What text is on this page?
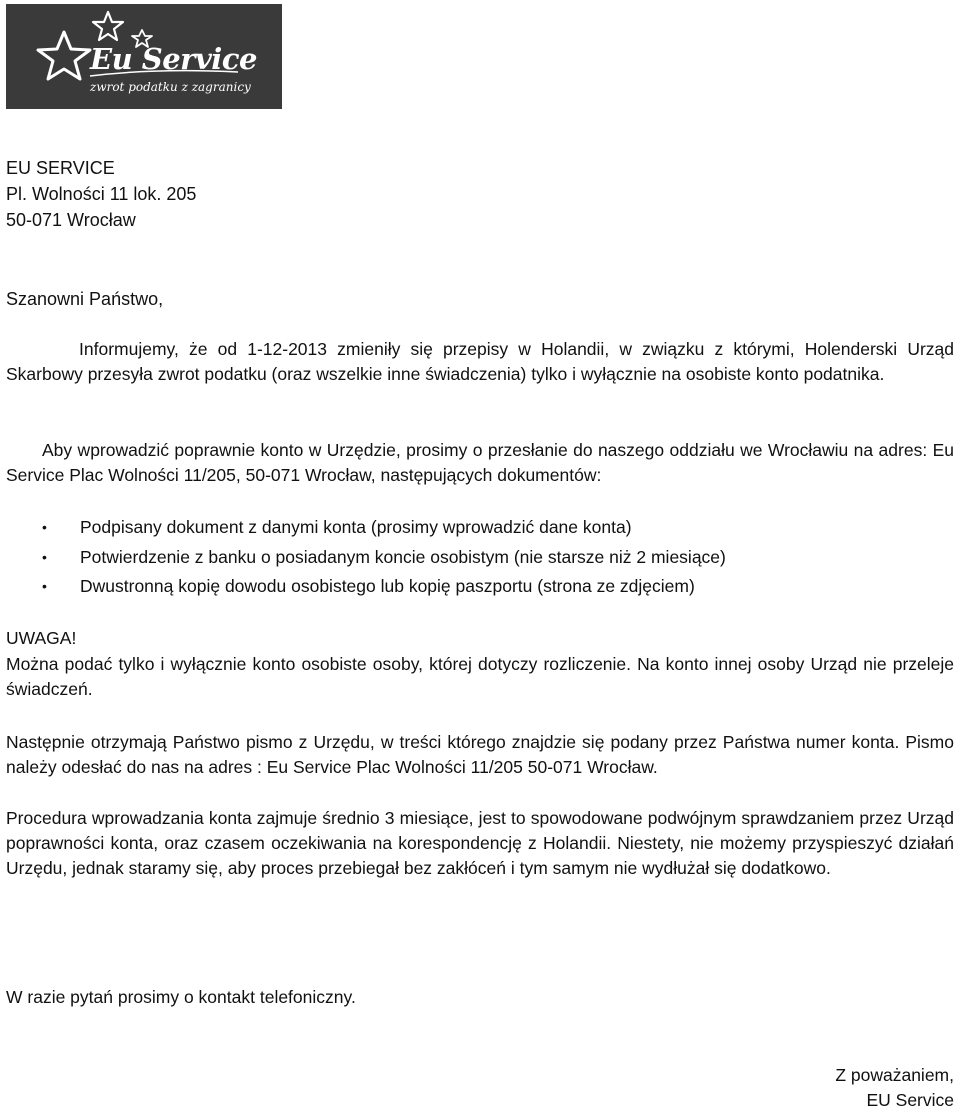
Eu Service
zwrot podatku z zagranicy
EU SERVICE
Pl. Wolności 11 lok. 205
50-071 Wrocław
Szanowni Państwo,
Informujemy, że od 1-12-2013 zmieniły się przepisy w Holandii, w związku z którymi, Holenderski Urząd Skarbowy przesyła zwrot podatku (oraz wszelkie inne świadczenia) tylko i wyłącznie na osobiste konto podatnika.
Aby wprowadzić poprawnie konto w Urzędzie, prosimy o przesłanie do naszego oddziału we Wrocławiu na adres: Eu Service Plac Wolności 11/205, 50-071 Wrocław, następujących dokumentów:
• Podpisany dokument z danymi konta (prosimy wprowadzić dane konta)
• Potwierdzenie z banku o posiadanym koncie osobistym (nie starsze niż 2 miesiące)
• Dwustronną kopię dowodu osobistego lub kopię paszportu (strona ze zdjęciem)
UWAGA!
Można podać tylko i wyłącznie konto osobiste osoby, której dotyczy rozliczenie. Na konto innej osoby Urząd nie przeleje świadczeń.
Następnie otrzymają Państwo pismo z Urzędu, w treści którego znajdzie się podany przez Państwa numer konta. Pismo należy odesłać do nas na adres : Eu Service Plac Wolności 11/205 50-071 Wrocław.
Procedura wprowadzania konta zajmuje średnio 3 miesiące, jest to spowodowane podwójnym sprawdzaniem przez Urząd poprawności konta, oraz czasem oczekiwania na korespondencję z Holandii. Niestety, nie możemy przyspieszyć działań Urzędu, jednak staramy się, aby proces przebiegał bez zakłóceń i tym samym nie wydłużał się dodatkowo.
W razie pytań prosimy o kontakt telefoniczny.
Z poważaniem,
EU Service
